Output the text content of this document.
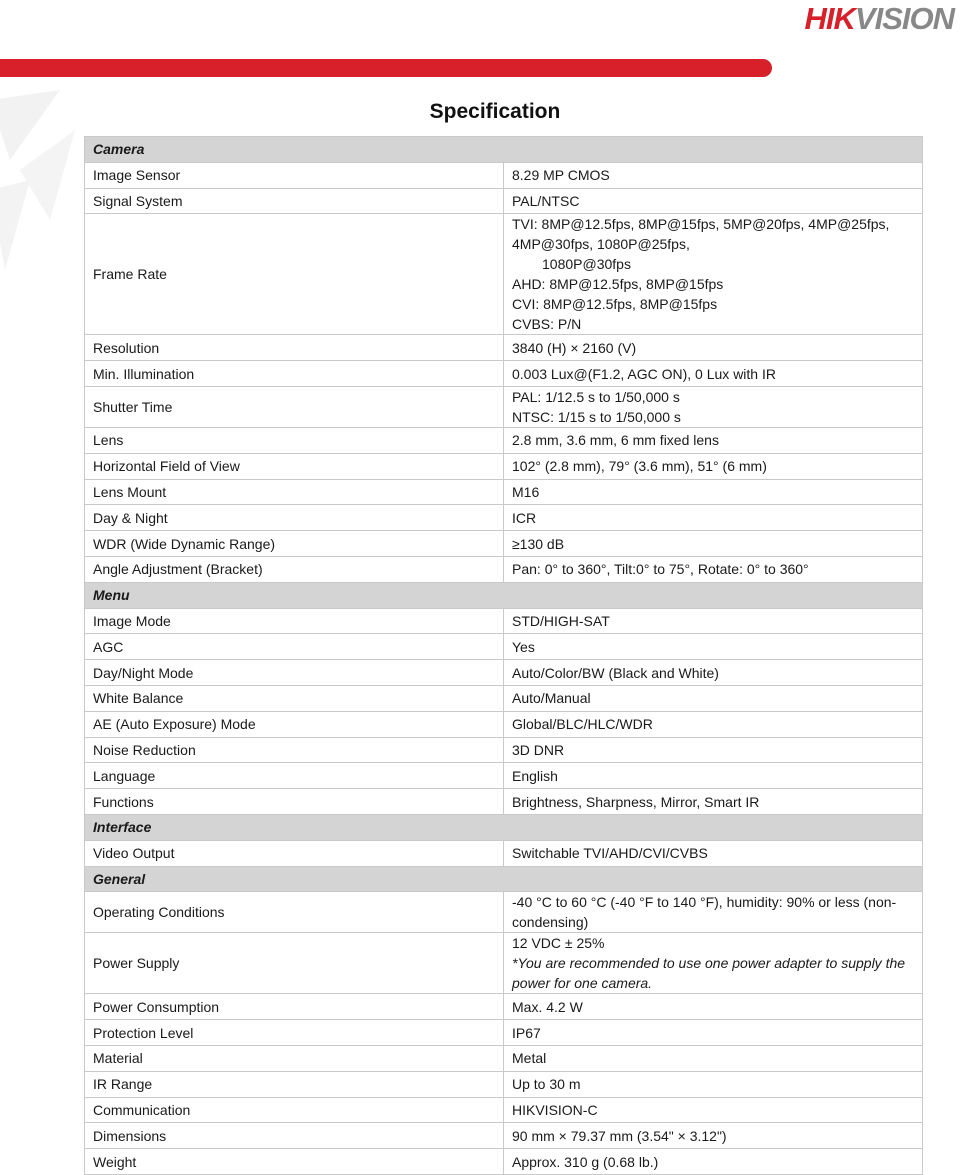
HIKVISION
Specification
Camera	
Image Sensor	8.29 MP CMOS

Signal System	PAL/NTSC

Frame Rate	TVI: 8MP@12.5fps, 8MP@15fps, 5MP@20fps, 4MP@25fps, 4MP@30fps, 1080P@25fps,
1080P@30fps
AHD: 8MP@12.5fps, 8MP@15fps
CVI: 8MP@12.5fps, 8MP@15fps
CVBS: P/N

Resolution	3840 (H) × 2160 (V)

Min. Illumination	0.003 Lux@(F1.2, AGC ON), 0 Lux with IR

Shutter Time	PAL: 1/12.5 s to 1/50,000 s
NTSC: 1/15 s to 1/50,000 s

Lens	2.8 mm, 3.6 mm, 6 mm fixed lens

Horizontal Field of View	102° (2.8 mm), 79° (3.6 mm), 51° (6 mm)

Lens Mount	M16

Day & Night	ICR

WDR (Wide Dynamic Range)	≥130 dB

Angle Adjustment (Bracket)	Pan: 0° to 360°, Tilt:0° to 75°, Rotate: 0° to 360°

Menu	
Image Mode	STD/HIGH-SAT

AGC	Yes

Day/Night Mode	Auto/Color/BW (Black and White)

White Balance	Auto/Manual

AE (Auto Exposure) Mode	Global/BLC/HLC/WDR

Noise Reduction	3D DNR

Language	English

Functions	Brightness, Sharpness, Mirror, Smart IR

Interface	
Video Output	Switchable TVI/AHD/CVI/CVBS

General	
Operating Conditions	-40 °C to 60 °C (-40 °F to 140 °F), humidity: 90% or less (non-condensing)

Power Supply	12 VDC ± 25%
*You are recommended to use one power adapter to supply the power for one camera.

Power Consumption	Max. 4.2 W

Protection Level	IP67

Material	Metal

IR Range	Up to 30 m

Communication	HIKVISION-C

Dimensions	90 mm × 79.37 mm (3.54" × 3.12")

Weight	Approx. 310 g (0.68 lb.)
